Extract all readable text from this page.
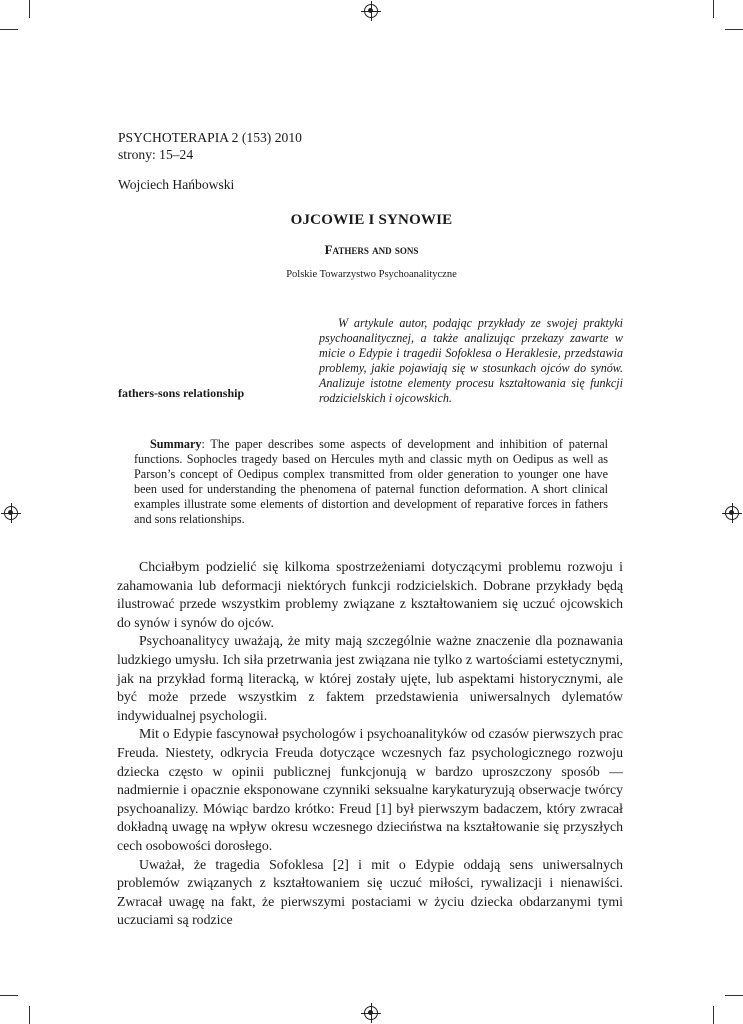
PSYCHOTERAPIA 2 (153) 2010
strony: 15–24
Wojciech Hańbowski
OJCOWIE I SYNOWIE
Fathers and sons
Polskie Towarzystwo Psychoanalityczne
W artykule autor, podając przykłady ze swojej praktyki psychoanalitycznej, a także analizując przekazy zawarte w micie o Edypie i tragedii Sofoklesa o Heraklesie, przedstawia problemy, jakie pojawiają się w stosunkach ojców do synów. Analizuje istotne elementy procesu kształtowania się funkcji rodzicielskich i ojcowskich.
fathers-sons relationship
Summary: The paper describes some aspects of development and inhibition of paternal functions. Sophocles tragedy based on Hercules myth and classic myth on Oedipus as well as Parson’s concept of Oedipus complex transmitted from older generation to younger one have been used for understanding the phenomena of paternal function deformation. A short clinical examples illustrate some elements of distortion and development of reparative forces in fathers and sons relationships.

Chciałbym podzielić się kilkoma spostrzeżeniami dotyczącymi problemu rozwoju i zahamowania lub deformacji niektórych funkcji rodzicielskich. Dobrane przykłady będą ilustrować przede wszystkim problemy związane z kształtowaniem się uczuć ojcowskich do synów i synów do ojców.

Psychoanalitycy uważają, że mity mają szczególnie ważne znaczenie dla poznawania ludzkiego umysłu. Ich siła przetrwania jest związana nie tylko z wartościami estetycznymi, jak na przykład formą literacką, w której zostały ujęte, lub aspektami historycznymi, ale być może przede wszystkim z faktem przedstawienia uniwersalnych dylematów indywidualnej psychologii.

Mit o Edypie fascynował psychologów i psychoanalityków od czasów pierwszych prac Freuda. Niestety, odkrycia Freuda dotyczące wczesnych faz psychologicznego rozwoju dziecka często w opinii publicznej funkcjonują w bardzo uproszczony sposób — nadmiernie i opacznie eksponowane czynniki seksualne karykaturyzują obserwacje twórcy psychoanalizy. Mówiąc bardzo krótko: Freud [1] był pierwszym badaczem, który zwracał dokładną uwagę na wpływ okresu wczesnego dzieciństwa na kształtowanie się przyszłych cech osobowości dorosłego.

Uważał, że tragedia Sofoklesa [2] i mit o Edypie oddają sens uniwersalnych problemów związanych z kształtowaniem się uczuć miłości, rywalizacji i nienawiści. Zwracał uwagę na fakt, że pierwszymi postaciami w życiu dziecka obdarzanymi tymi uczuciami są rodzice
